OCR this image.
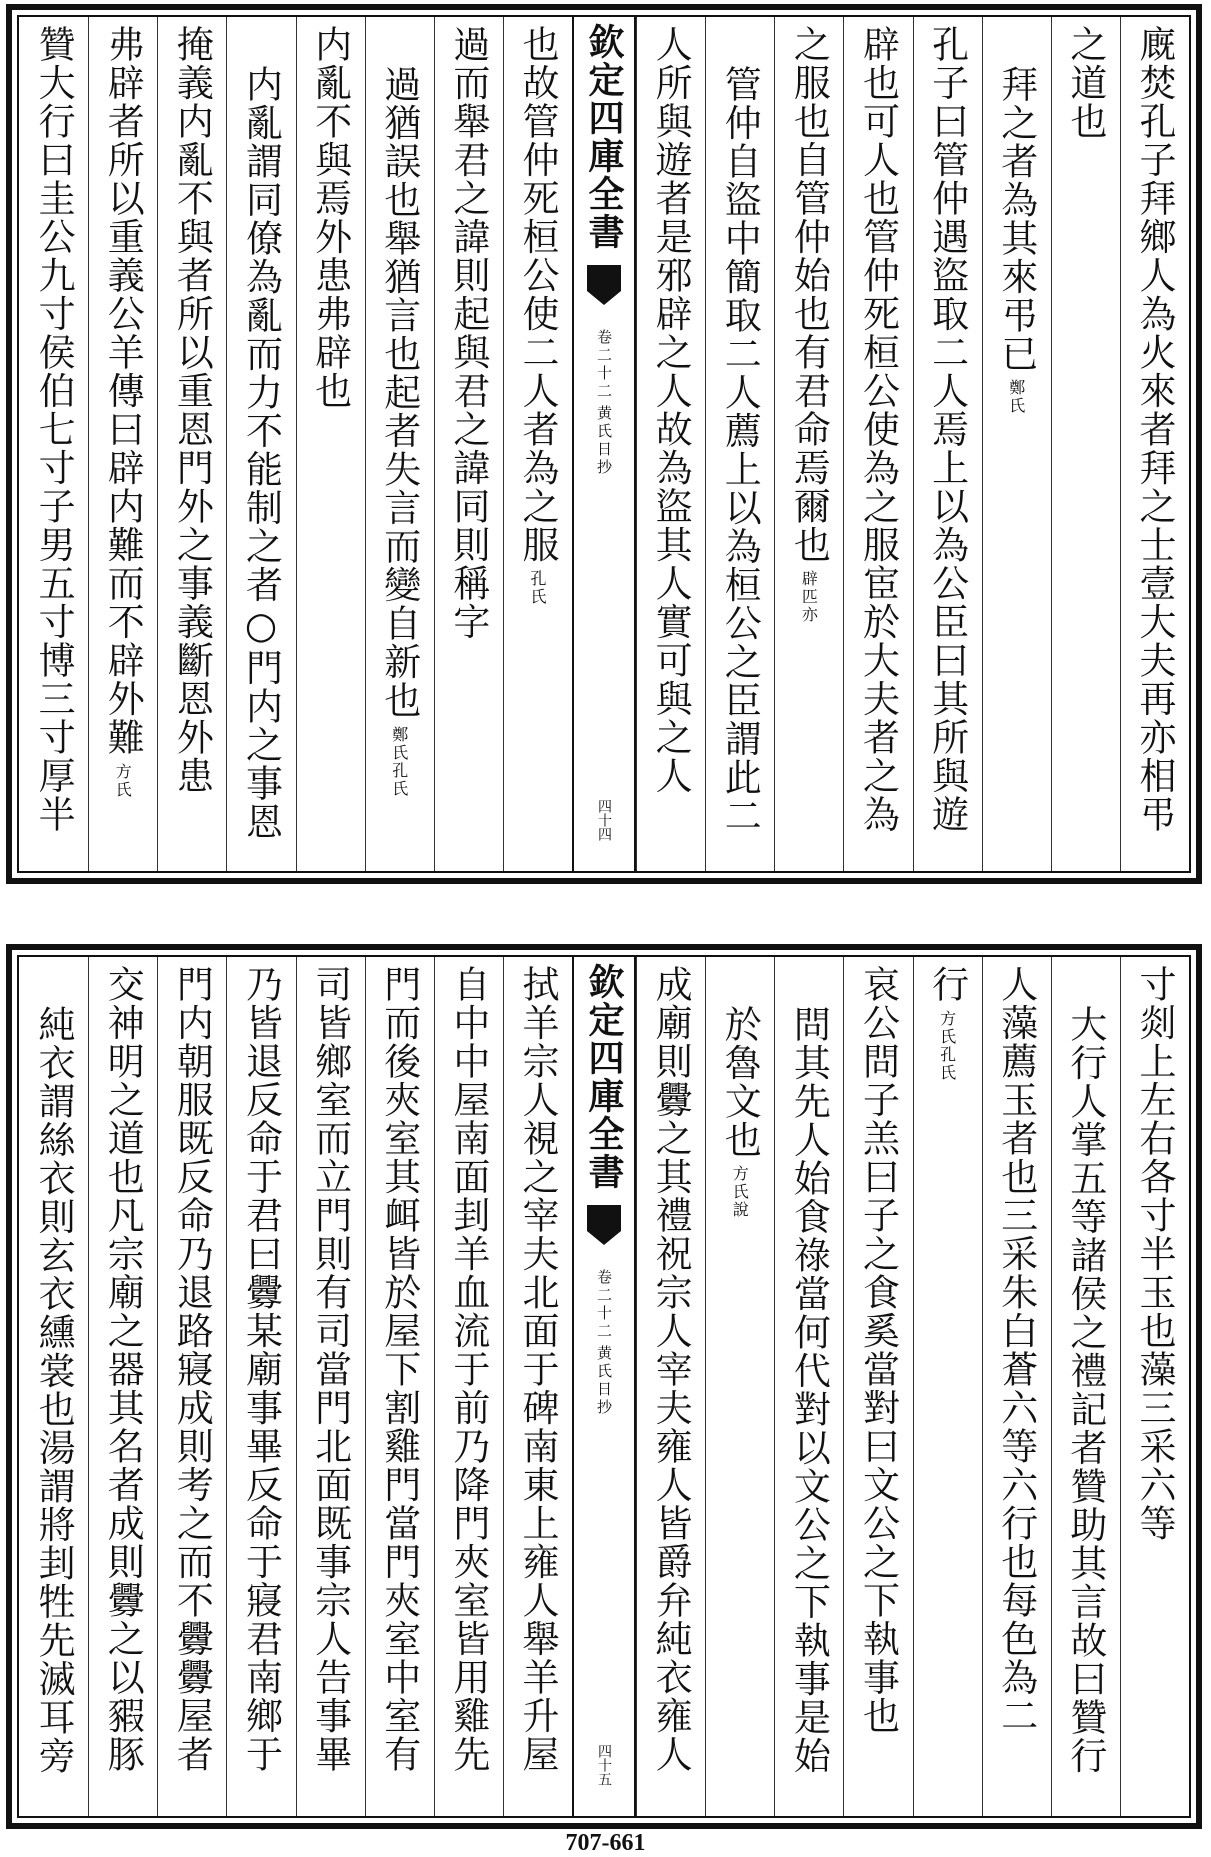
廐焚孔子拜鄉人為火來者拜之士壹大夫再亦相弔
之道也
拜之者為其來弔已鄭氏
孔子曰管仲遇盜取二人焉上以為公臣曰其所與遊
辟也可人也管仲死桓公使為之服宦於大夫者之為
之服也自管仲始也有君命焉爾也辟匹亦
管仲自盜中簡取二人薦上以為桓公之臣謂此二
人所與遊者是邪辟之人故為盜其人實可與之人
欽定四庫全書
黄氏日抄
卷二十二
四十四
也故管仲死桓公使二人者為之服孔氏
過而舉君之諱則起與君之諱同則稱字
過猶誤也舉猶言也起者失言而變自新也鄭氏孔氏
内亂不與焉外患弗辟也
内亂謂同僚為亂而力不能制之者○門内之事恩
掩義内亂不與者所以重恩門外之事義斷恩外患
弗辟者所以重義公羊傳曰辟内難而不辟外難方氏
贊大行曰圭公九寸侯伯七寸子男五寸博三寸厚半
寸剡上左右各寸半玉也藻三采六等
大行人掌五等諸侯之禮記者贊助其言故曰贊行
人藻薦玉者也三采朱白蒼六等六行也每色為二
行方氏孔氏
哀公問子羔曰子之食奚當對曰文公之下執事也
問其先人始食祿當何代對以文公之下執事是始
於魯文也方氏說
成廟則釁之其禮祝宗人宰夫雍人皆爵弁純衣雍人
欽定四庫全書
黄氏日抄
卷二十二
四十五
拭羊宗人視之宰夫北面于碑南東上雍人舉羊升屋
自中中屋南面刲羊血流于前乃降門夾室皆用雞先
門而後夾室其衈皆於屋下割雞門當門夾室中室有
司皆鄉室而立門則有司當門北面既事宗人告事畢
乃皆退反命于君曰釁某廟事畢反命于寢君南鄉于
門内朝服既反命乃退路寢成則考之而不釁釁屋者
交神明之道也凡宗廟之器其名者成則釁之以豭豚
純衣謂絲衣則玄衣纁裳也湯謂將刲牲先滅耳旁
707-661
